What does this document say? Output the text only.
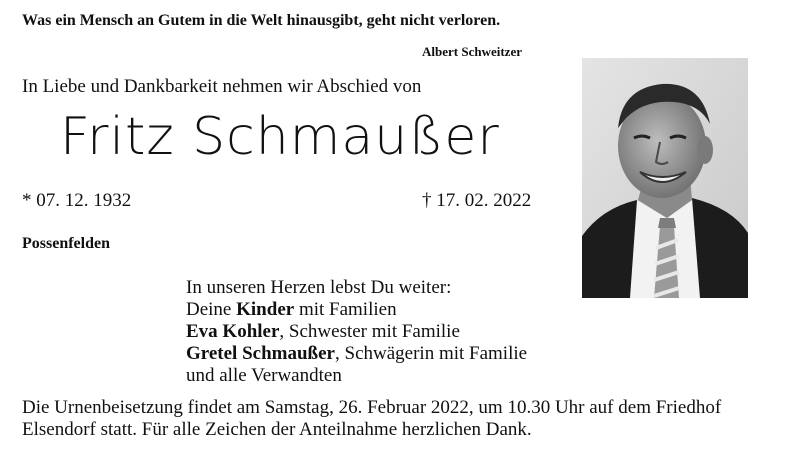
Was ein Mensch an Gutem in die Welt hinausgibt, geht nicht verloren.
Albert Schweitzer
In Liebe und Dankbarkeit nehmen wir Abschied von
Fritz Schmaußer
* 07. 12. 1932	† 17. 02. 2022
Possenfelden
In unseren Herzen lebst Du weiter:
Deine Kinder mit Familien
Eva Kohler, Schwester mit Familie
Gretel Schmaußer, Schwägerin mit Familie
und alle Verwandten
Die Urnenbeisetzung findet am Samstag, 26. Februar 2022, um 10.30 Uhr auf dem Friedhof
Elsendorf statt. Für alle Zeichen der Anteilnahme herzlichen Dank.
